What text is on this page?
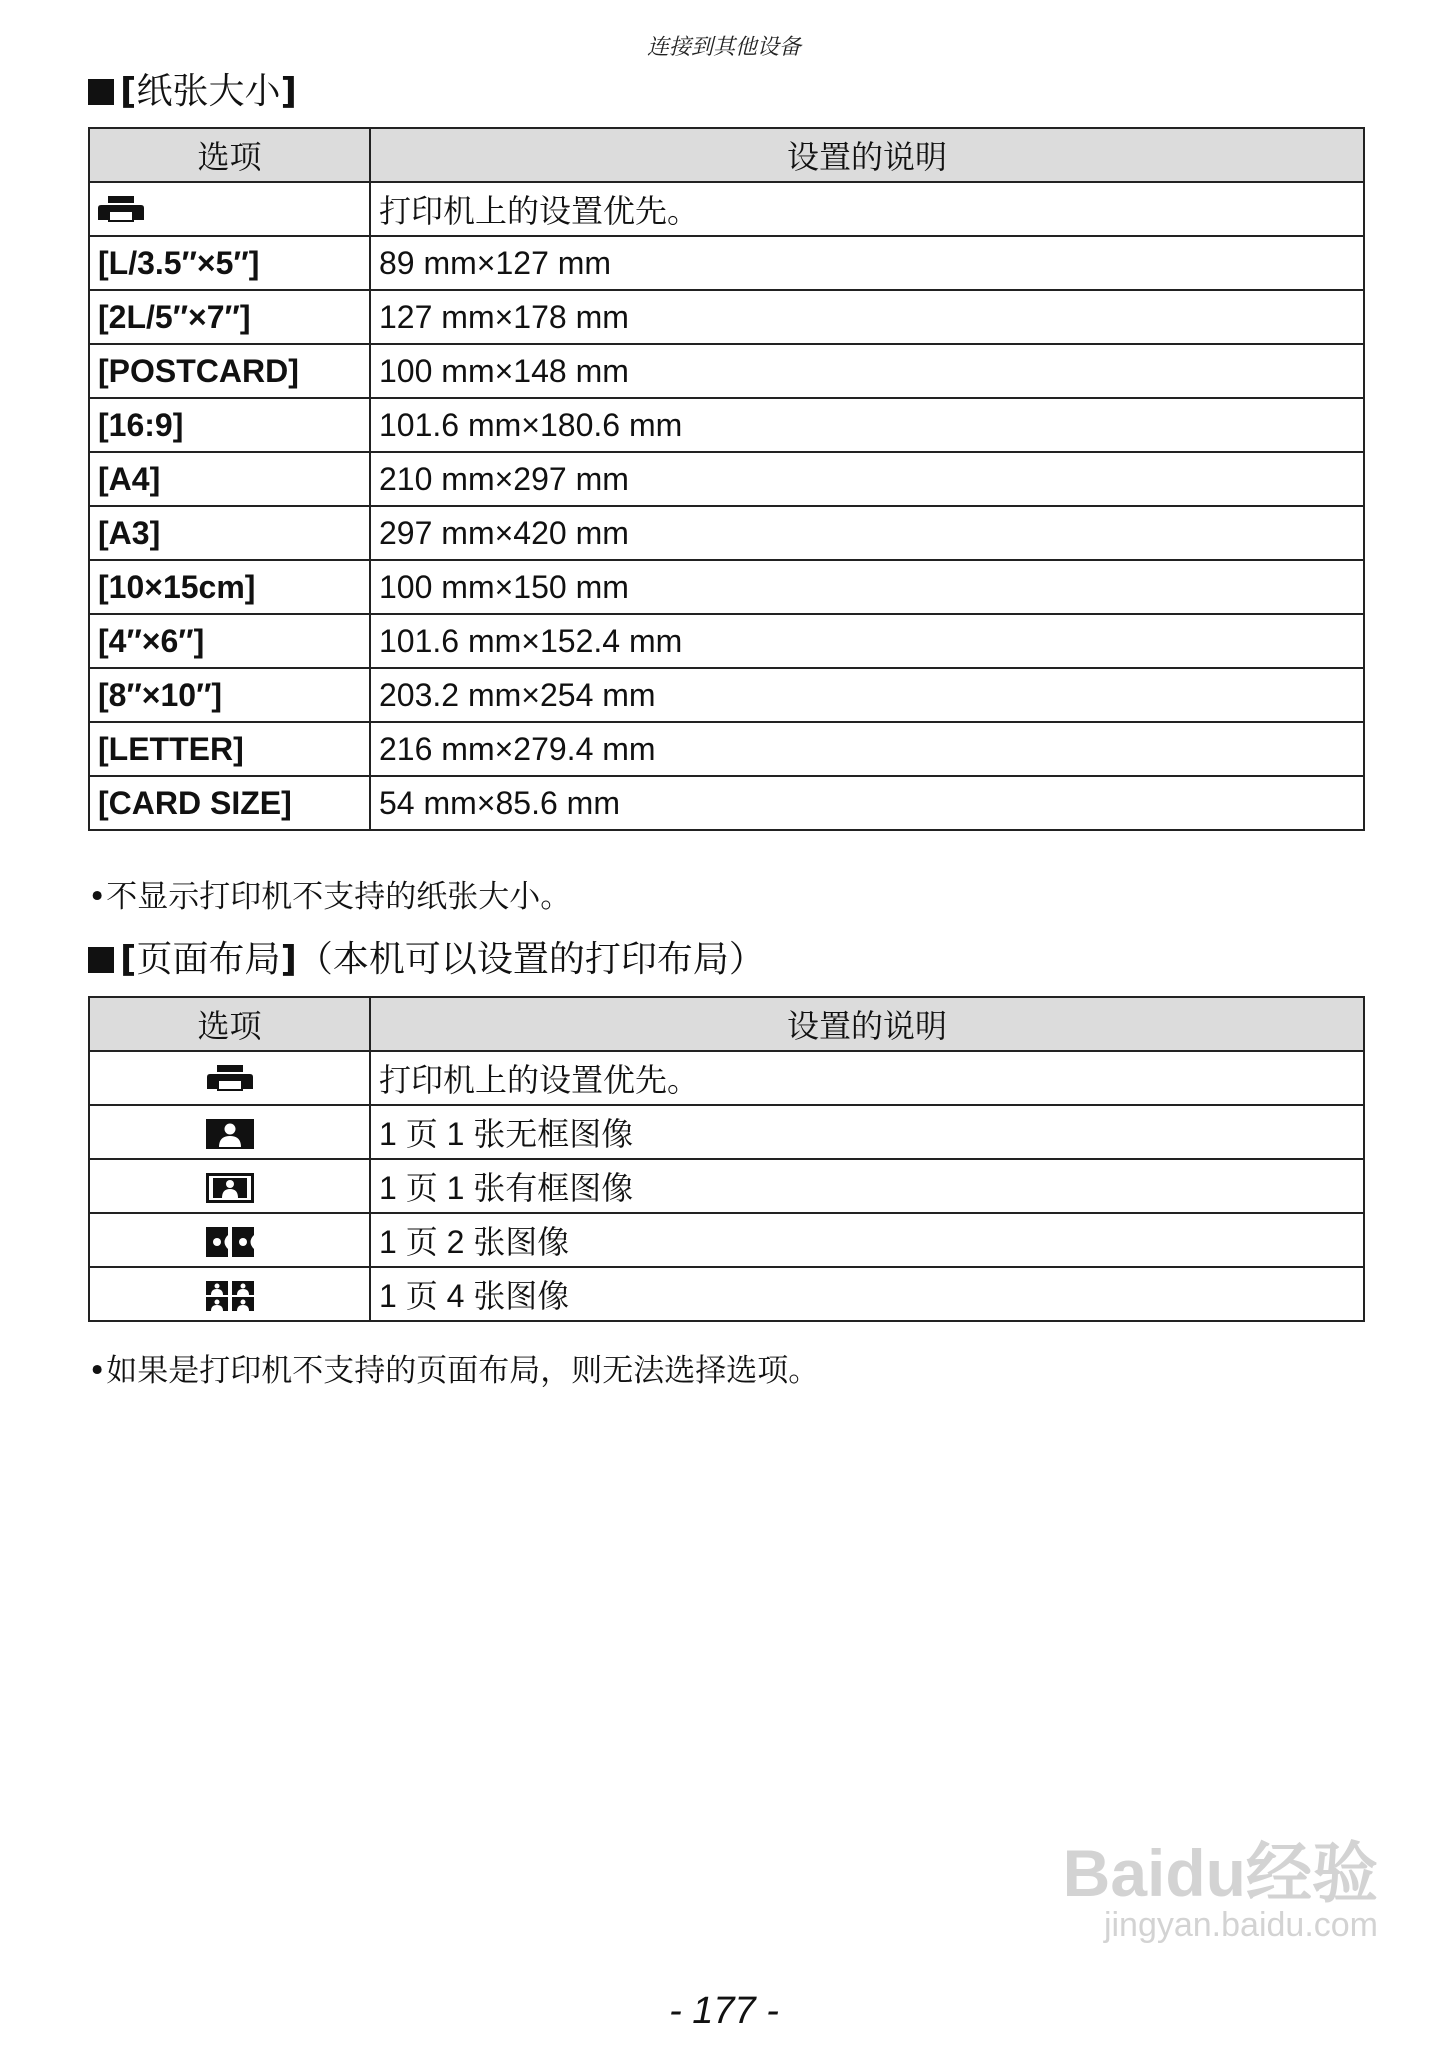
连接到其他设备
[纸张大小]
选项	设置的说明
	打印机上的设置优先。
[L/3.5″×5″]	89 mm×127 mm
[2L/5″×7″]	127 mm×178 mm
[POSTCARD]	100 mm×148 mm
[16:9]	101.6 mm×180.6 mm
[A4]	210 mm×297 mm
[A3]	297 mm×420 mm
[10×15cm]	100 mm×150 mm
[4″×6″]	101.6 mm×152.4 mm
[8″×10″]	203.2 mm×254 mm
[LETTER]	216 mm×279.4 mm
[CARD SIZE]	54 mm×85.6 mm
•不显示打印机不支持的纸张大小。
[页面布局]（本机可以设置的打印布局）
选项	设置的说明
	打印机上的设置优先。
	1 页 1 张无框图像
	1 页 1 张有框图像
	1 页 2 张图像
	1 页 4 张图像
•如果是打印机不支持的页面布局，则无法选择选项。
Baidu经验
jingyan.baidu.com
- 177 -
